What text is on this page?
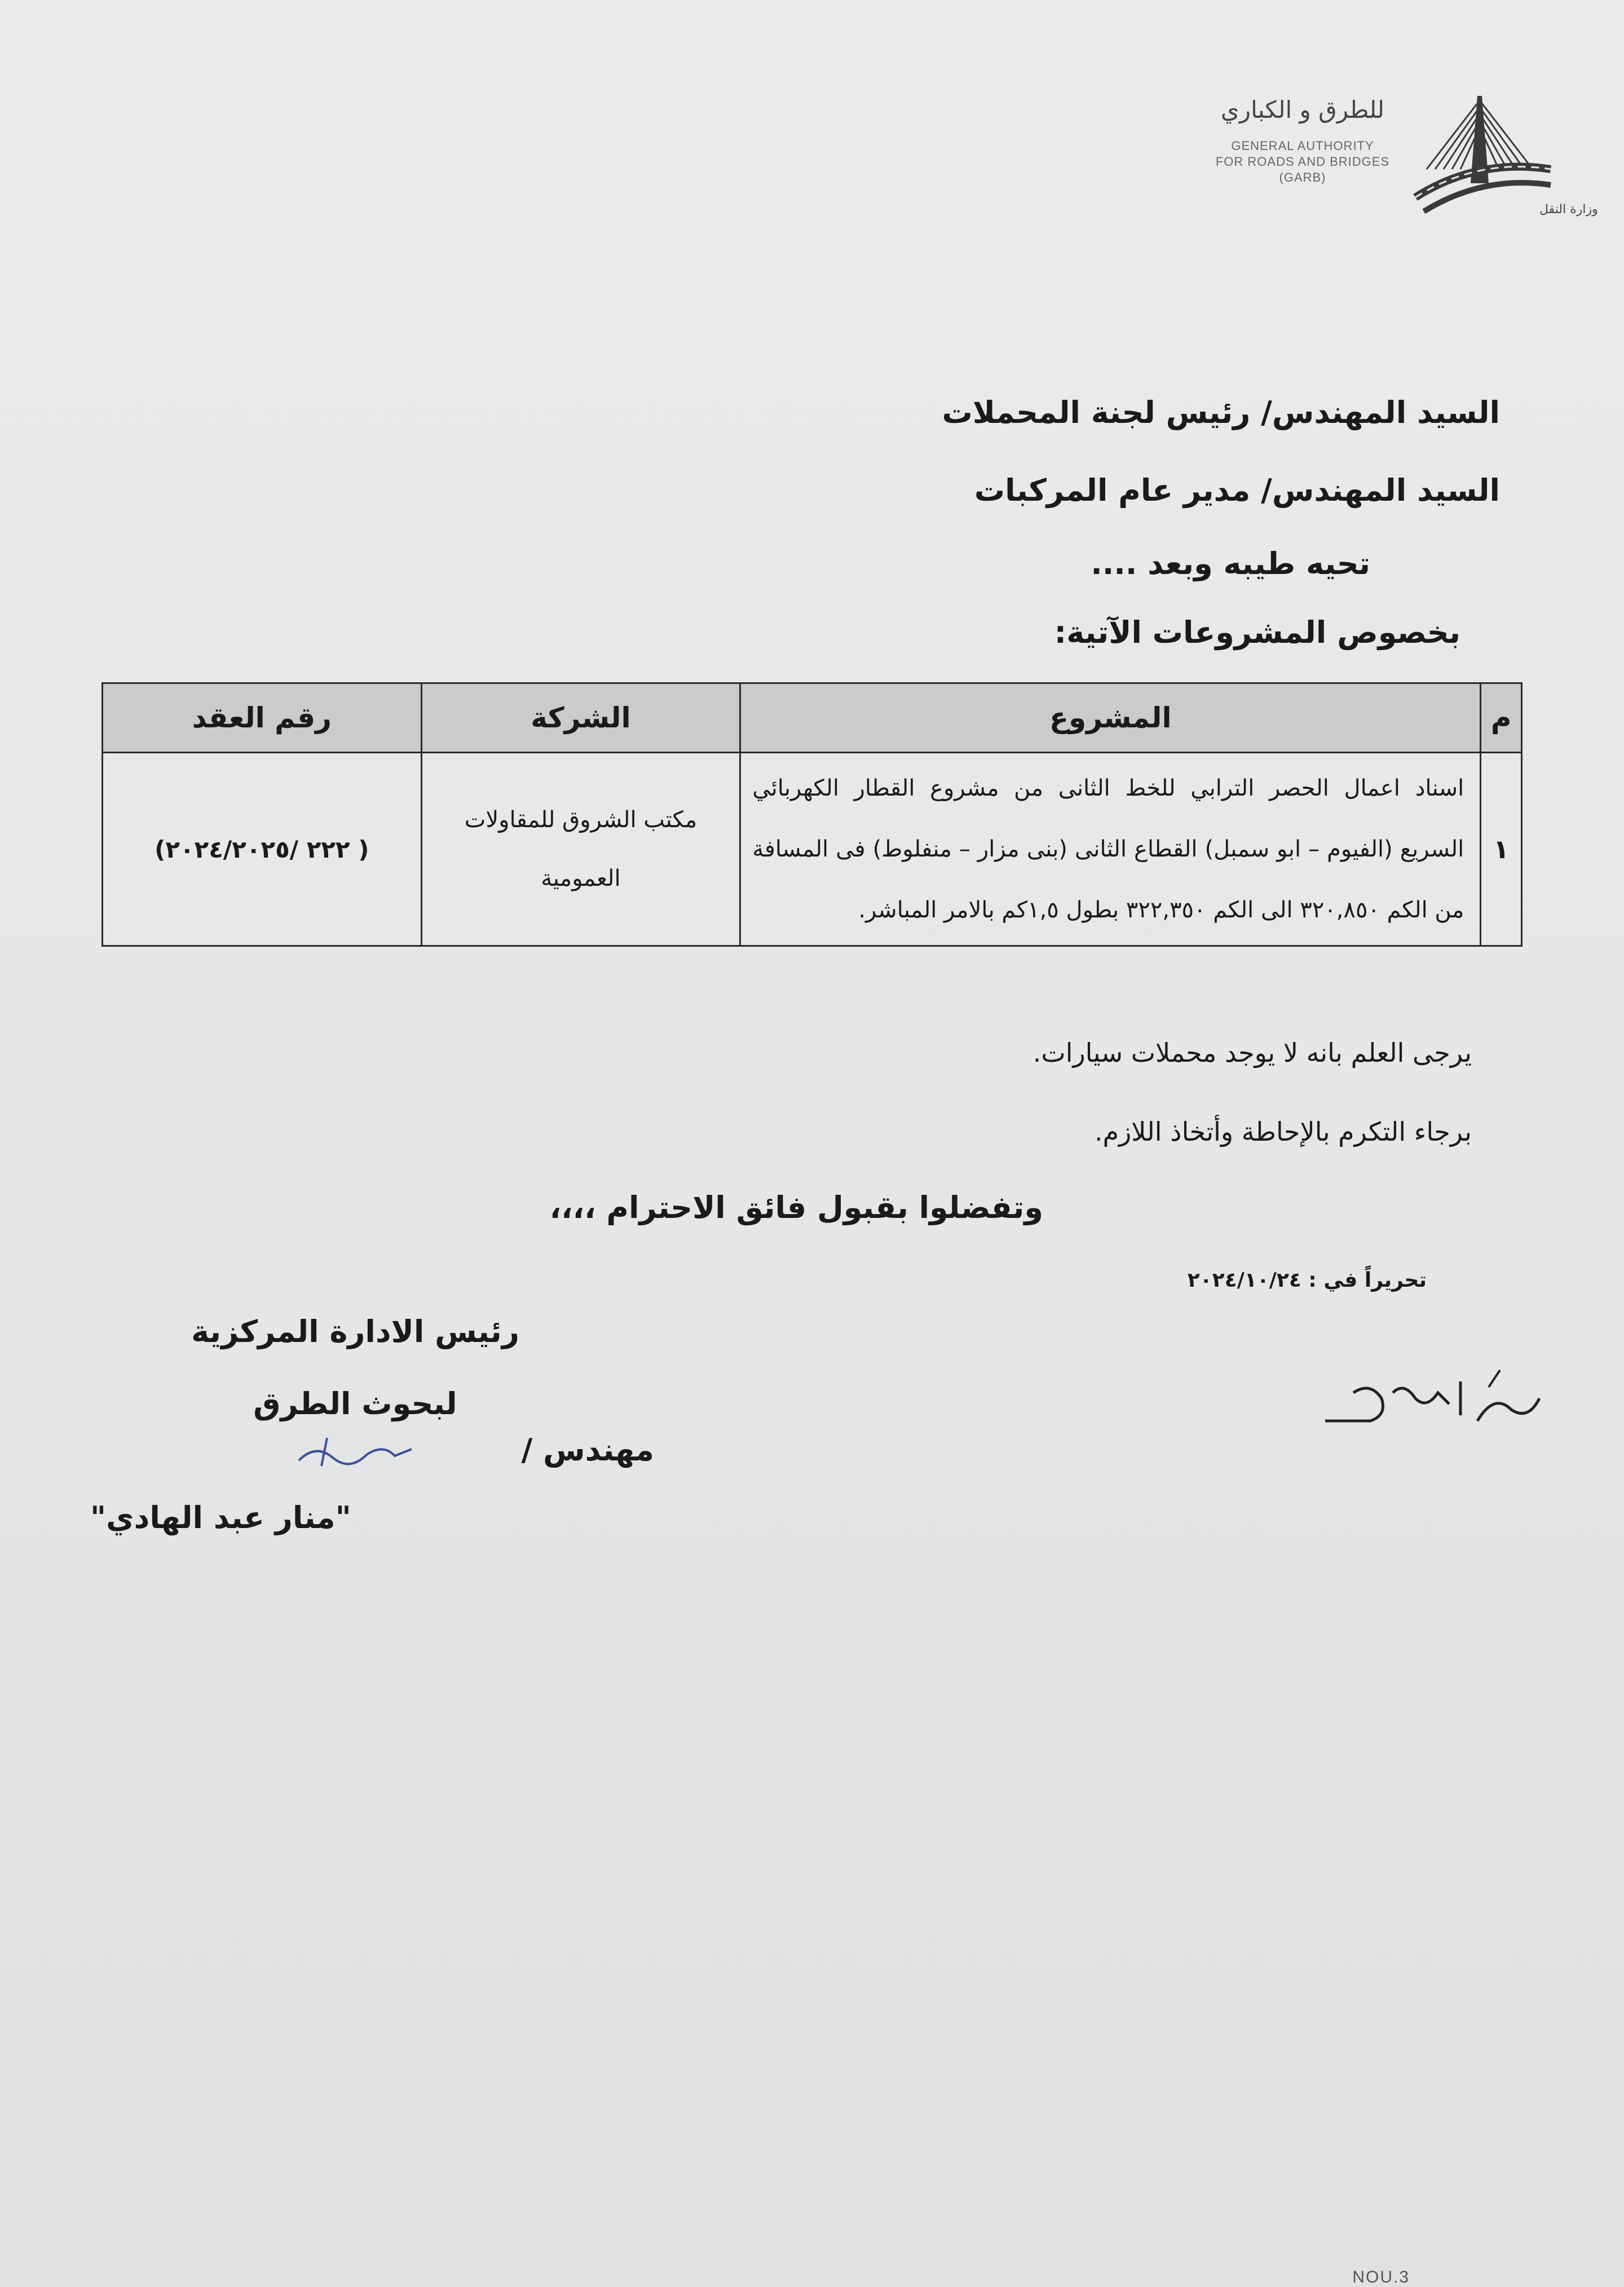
للطرق و الكباري
GENERAL AUTHORITY
FOR ROADS AND BRIDGES
(GARB)
وزارة النقل
السيد المهندس/ رئيس لجنة المحملات
السيد المهندس/ مدير عام المركبات
تحيه طيبه وبعد ....
بخصوص المشروعات الآتية:
م	المشروع	الشركة	رقم العقد
١	اسناد اعمال الحصر الترابي للخط الثانى من مشروع القطار الكهربائي السريع (الفيوم – ابو سمبل) القطاع الثانى (بنى مزار – منفلوط) فى المسافة من الكم ٣٢٠,٨٥٠ الى الكم ٣٢٢,٣٥٠ بطول ١,٥كم بالامر المباشر.	مكتب الشروق للمقاولات العمومية	( ٢٢٢ /٢٠٢٤/٢٠٢٥)
يرجى العلم بانه لا يوجد محملات سيارات.
برجاء التكرم بالإحاطة وأتخاذ اللازم.
وتفضلوا بقبول فائق الاحترام ،،،،
تحريراً في : ٢٠٢٤/١٠/٢٤
رئيس الادارة المركزية
لبحوث الطرق
مهندس /
"منار عبد الهادي"
NOU.3
